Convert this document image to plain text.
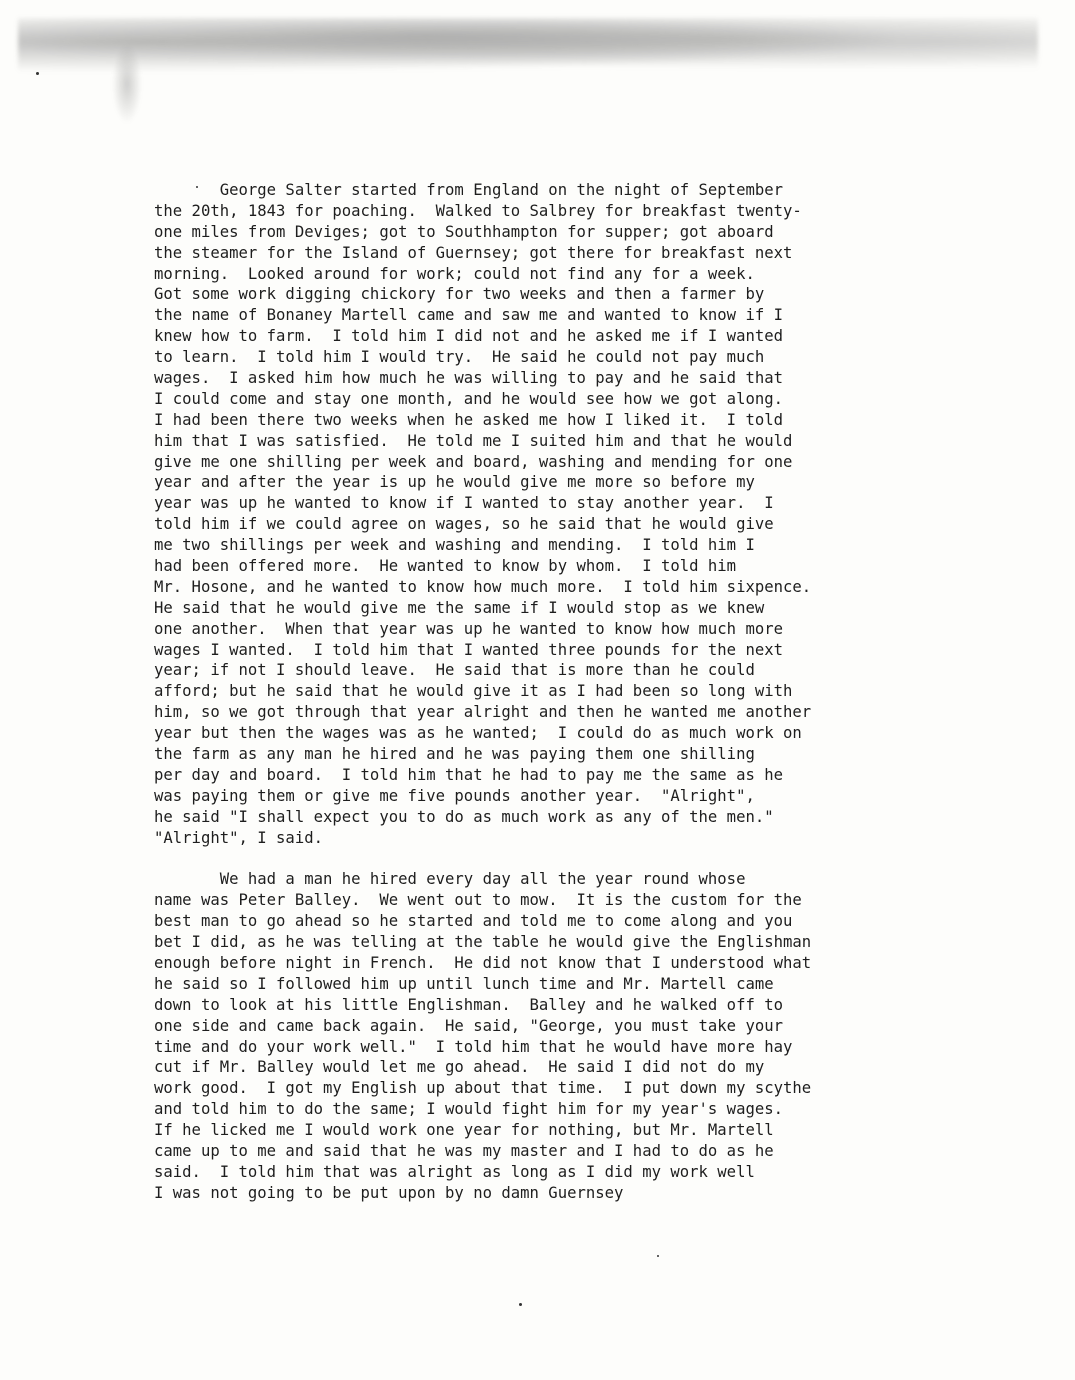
George Salter started from England on the night of September
the 20th, 1843 for poaching.  Walked to Salbrey for breakfast twenty-
one miles from Deviges; got to Southhampton for supper; got aboard
the steamer for the Island of Guernsey; got there for breakfast next
morning.  Looked around for work; could not find any for a week.
Got some work digging chickory for two weeks and then a farmer by
the name of Bonaney Martell came and saw me and wanted to know if I
knew how to farm.  I told him I did not and he asked me if I wanted
to learn.  I told him I would try.  He said he could not pay much
wages.  I asked him how much he was willing to pay and he said that
I could come and stay one month, and he would see how we got along.
I had been there two weeks when he asked me how I liked it.  I told
him that I was satisfied.  He told me I suited him and that he would
give me one shilling per week and board, washing and mending for one
year and after the year is up he would give me more so before my
year was up he wanted to know if I wanted to stay another year.  I
told him if we could agree on wages, so he said that he would give
me two shillings per week and washing and mending.  I told him I
had been offered more.  He wanted to know by whom.  I told him
Mr. Hosone, and he wanted to know how much more.  I told him sixpence.
He said that he would give me the same if I would stop as we knew
one another.  When that year was up he wanted to know how much more
wages I wanted.  I told him that I wanted three pounds for the next
year; if not I should leave.  He said that is more than he could
afford; but he said that he would give it as I had been so long with
him, so we got through that year alright and then he wanted me another
year but then the wages was as he wanted;  I could do as much work on
the farm as any man he hired and he was paying them one shilling
per day and board.  I told him that he had to pay me the same as he
was paying them or give me five pounds another year.  "Alright",
he said "I shall expect you to do as much work as any of the men."
"Alright", I said.
We had a man he hired every day all the year round whose
name was Peter Balley.  We went out to mow.  It is the custom for the
best man to go ahead so he started and told me to come along and you
bet I did, as he was telling at the table he would give the Englishman
enough before night in French.  He did not know that I understood what
he said so I followed him up until lunch time and Mr. Martell came
down to look at his little Englishman.  Balley and he walked off to
one side and came back again.  He said, "George, you must take your
time and do your work well."  I told him that he would have more hay
cut if Mr. Balley would let me go ahead.  He said I did not do my
work good.  I got my English up about that time.  I put down my scythe
and told him to do the same; I would fight him for my year's wages.
If he licked me I would work one year for nothing, but Mr. Martell
came up to me and said that he was my master and I had to do as he
said.  I told him that was alright as long as I did my work well
I was not going to be put upon by no damn Guernsey
